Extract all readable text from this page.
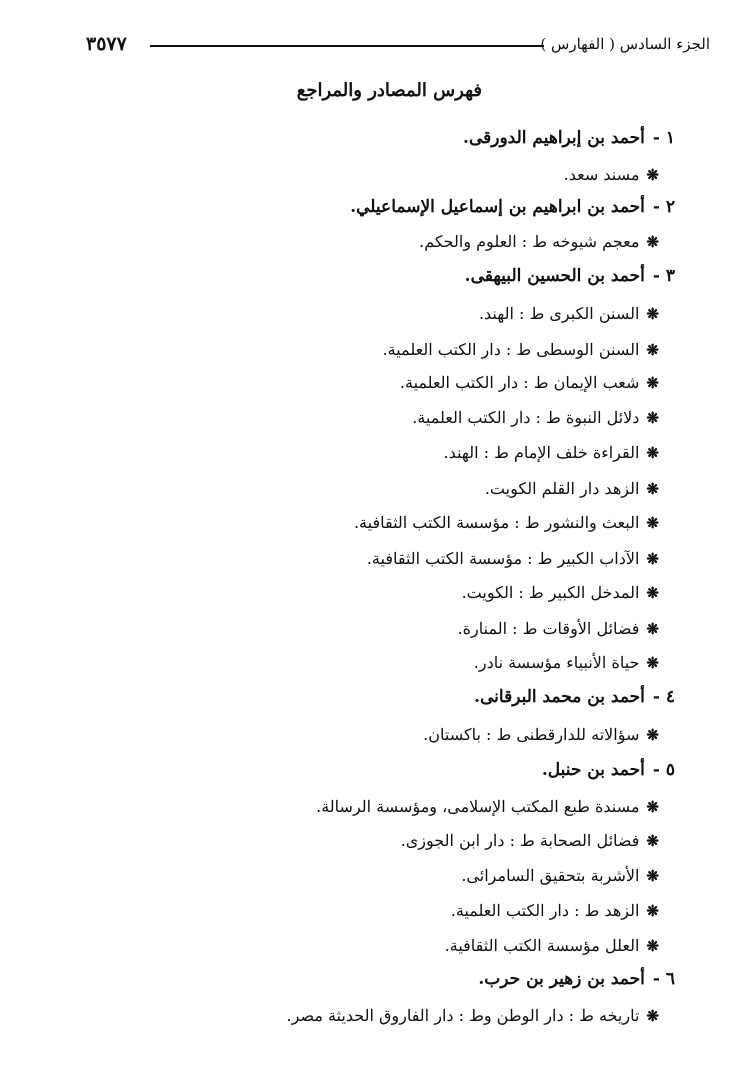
الجزء السادس ( الفهارس )
٣٥٧٧
فهرس المصادر والمراجع
١ -أحمد بن إبراهيم الدورقى.
❋مسند سعد.
٢ -أحمد بن ابراهيم بن إسماعيل الإسماعيلي.
❋معجم شيوخه ط : العلوم والحكم.
٣ -أحمد بن الحسين البيهقى.
❋السنن الكبرى ط : الهند.
❋السنن الوسطى ط : دار الكتب العلمية.
❋شعب الإيمان ط : دار الكتب العلمية.
❋دلائل النبوة ط : دار الكتب العلمية.
❋القراءة خلف الإمام ط : الهند.
❋الزهد دار القلم الكويت.
❋البعث والنشور ط : مؤسسة الكتب الثقافية.
❋الآداب الكبير ط : مؤسسة الكتب الثقافية.
❋المدخل الكبير ط : الكويت.
❋فضائل الأوقات ط : المنارة.
❋حياة الأنبياء مؤسسة نادر.
٤ -أحمد بن محمد البرقانى.
❋سؤالاته للدارقطنى ط : باكستان.
٥ -أحمد بن حنبل.
❋مسندة طبع المكتب الإسلامى، ومؤسسة الرسالة.
❋فضائل الصحابة ط : دار ابن الجوزى.
❋الأشربة بتحقيق السامرائى.
❋الزهد ط : دار الكتب العلمية.
❋العلل مؤسسة الكتب الثقافية.
٦ -أحمد بن زهير بن حرب.
❋تاريخه ط : دار الوطن وط : دار الفاروق الحديثة مصر.
